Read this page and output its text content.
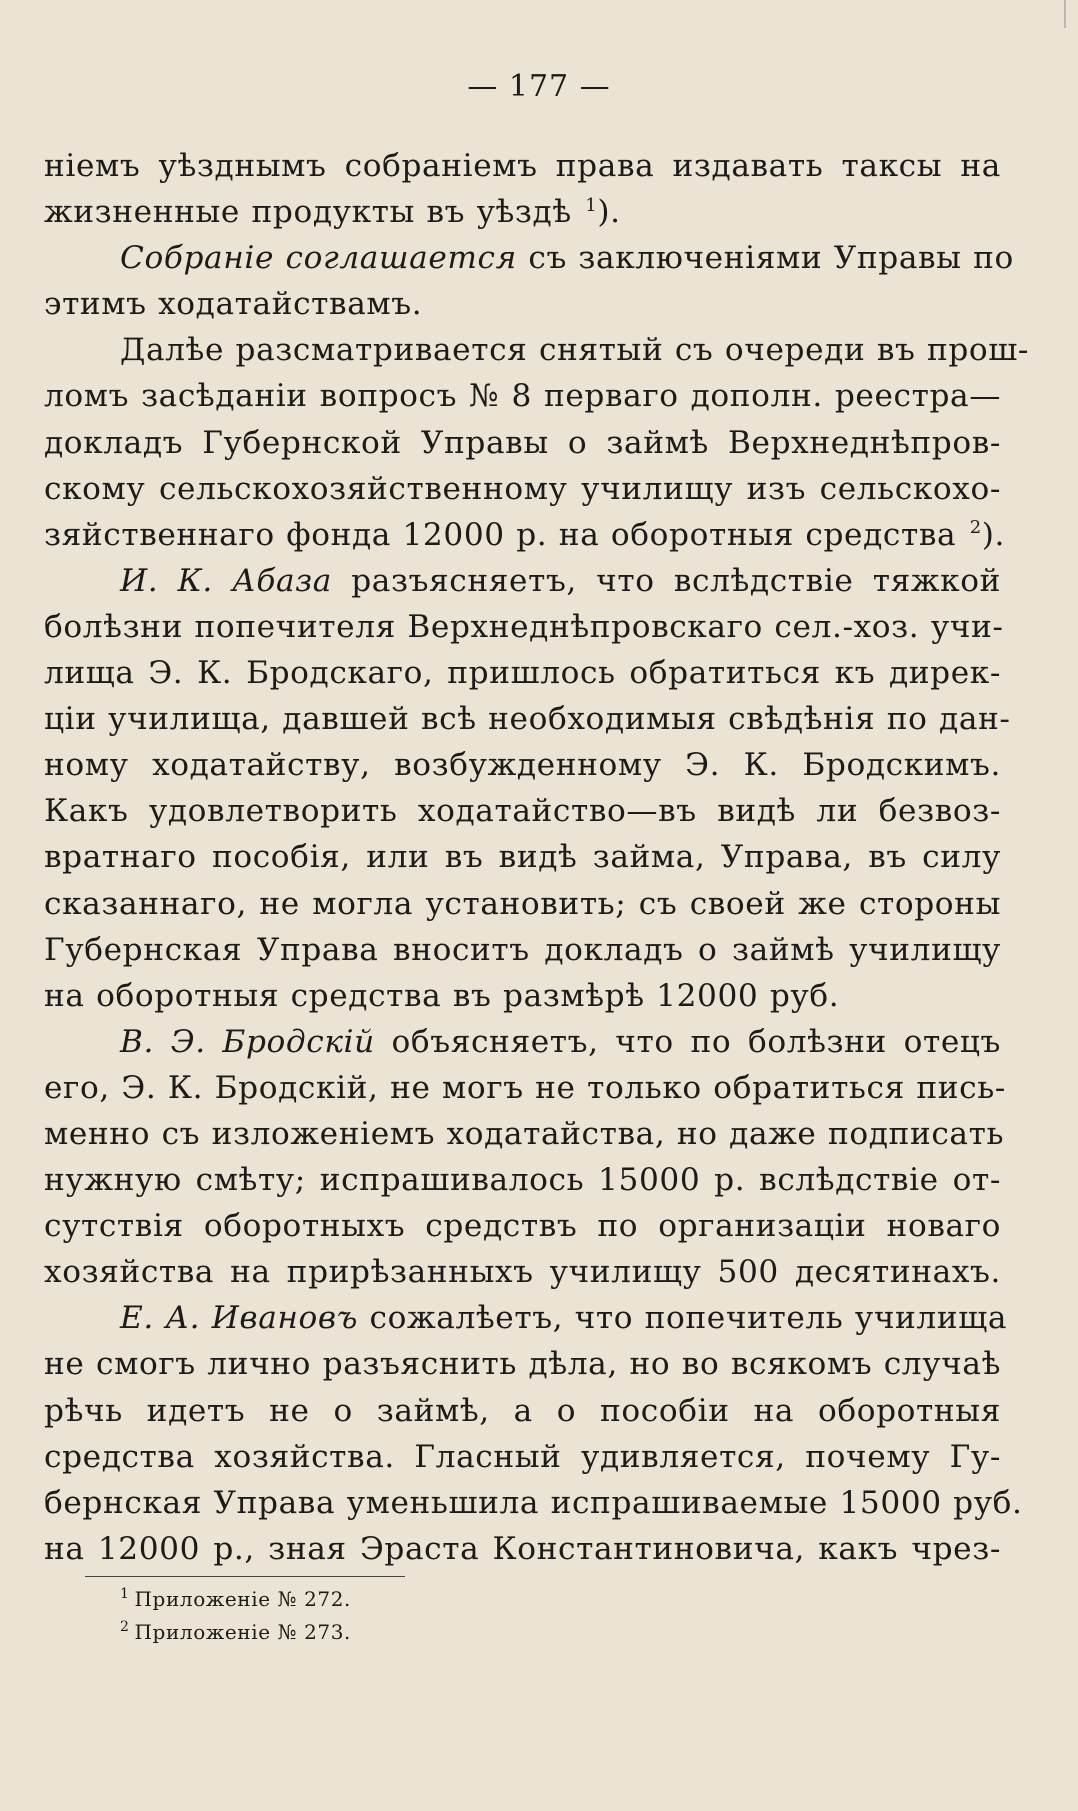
— 177 —
ніемъ уѣзднымъ собраніемъ права издавать таксы на
жизненные продукты въ уѣздѣ $^1$).
Собраніе соглашается съ заключеніями Управы по
этимъ ходатайствамъ.
Далѣе разсматривается снятый съ очереди въ прош-
ломъ засѣданіи вопросъ № 8 перваго дополн. реестра—
докладъ Губернской Управы о займѣ Верхнеднѣпров-
скому сельскохозяйственному училищу изъ сельскохо-
зяйственнаго фонда 12000 р. на оборотныя средства $^2$).
И. К. Абаза разъясняетъ, что вслѣдствіе тяжкой
болѣзни попечителя Верхнеднѣпровскаго сел.-хоз. учи-
лища Э. К. Бродскаго, пришлось обратиться къ дирек-
ціи училища, давшей всѣ необходимыя свѣдѣнія по дан-
ному ходатайству, возбужденному Э. К. Бродскимъ.
Какъ удовлетворить ходатайство—въ видѣ ли безвоз-
вратнаго пособія, или въ видѣ займа, Управа, въ силу
сказаннаго, не могла установить; съ своей же стороны
Губернская Управа вноситъ докладъ о займѣ училищу
на оборотныя средства въ размѣрѣ 12000 руб.
В. Э. Бродскій объясняетъ, что по болѣзни отецъ
его, Э. К. Бродскій, не могъ не только обратиться пись-
менно съ изложеніемъ ходатайства, но даже подписать
нужную смѣту; испрашивалось 15000 р. вслѣдствіе от-
сутствія оборотныхъ средствъ по организаціи новаго
хозяйства на прирѣзанныхъ училищу 500 десятинахъ.
Е. А. Ивановъ сожалѣетъ, что попечитель училища
не смогъ лично разъяснить дѣла, но во всякомъ случаѣ
рѣчь идетъ не о займѣ, а о пособіи на оборотныя
средства хозяйства. Гласный удивляется, почему Гу-
бернская Управа уменьшила испрашиваемые 15000 руб.
на 12000 р., зная Эраста Константиновича, какъ чрез-
$^1$ Приложеніе № 272.
$^2$ Приложеніе № 273.
